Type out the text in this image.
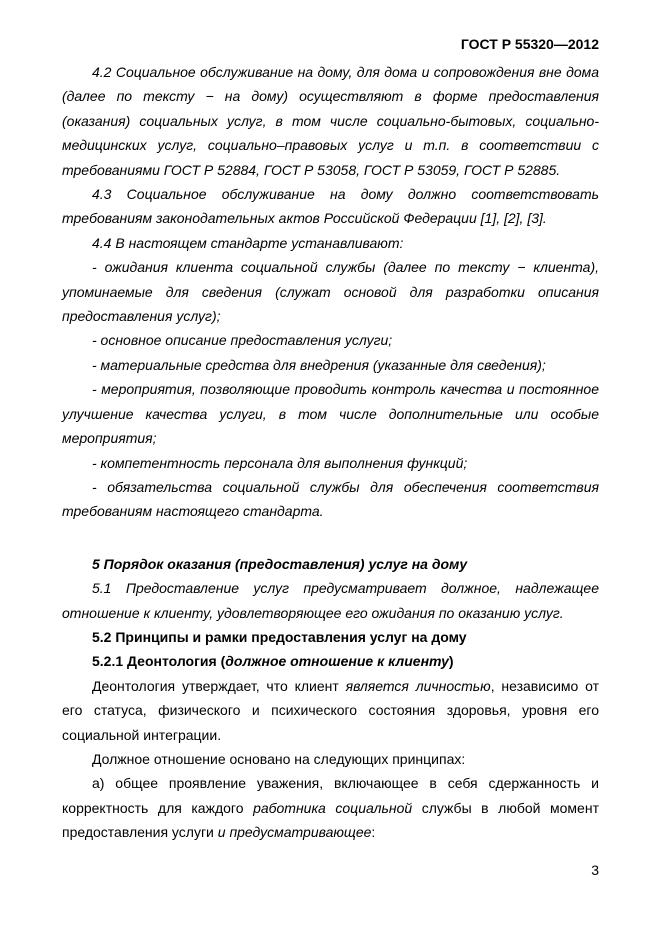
ГОСТ Р 55320—2012

4.2 Социальное обслуживание на дому, для дома и сопровождения вне дома (далее по тексту − на дому) осуществляют в форме предоставления (оказания) социальных услуг, в том числе социально-бытовых, социально-медицинских услуг, социально–правовых услуг и т.п. в соответствии с требованиями ГОСТ Р 52884, ГОСТ Р 53058, ГОСТ Р 53059, ГОСТ Р 52885.

4.3 Социальное обслуживание на дому должно соответствовать требованиям законодательных актов Российской Федерации [1], [2], [3].

4.4 В настоящем стандарте устанавливают:

- ожидания клиента социальной службы (далее по тексту − клиента), упоминаемые для сведения (служат основой для разработки описания предоставления услуг);

- основное описание предоставления услуги;

- материальные средства для внедрения (указанные для сведения);

- мероприятия, позволяющие проводить контроль качества и постоянное улучшение качества услуги, в том числе дополнительные или особые мероприятия;

- компетентность персонала для выполнения функций;

- обязательства социальной службы для обеспечения соответствия требованиям настоящего стандарта.

5 Порядок оказания (предоставления) услуг на дому

5.1 Предоставление услуг предусматривает должное, надлежащее отношение к клиенту, удовлетворяющее его ожидания по оказанию услуг.

5.2 Принципы и рамки предоставления услуг на дому

5.2.1 Деонтология (должное отношение к клиенту)

Деонтология утверждает, что клиент является личностью, независимо от его статуса, физического и психического состояния здоровья, уровня его социальной интеграции.

Должное отношение основано на следующих принципах:

а) общее проявление уважения, включающее в себя сдержанность и корректность для каждого работника социальной службы в любой момент предоставления услуги и предусматривающее:

3
